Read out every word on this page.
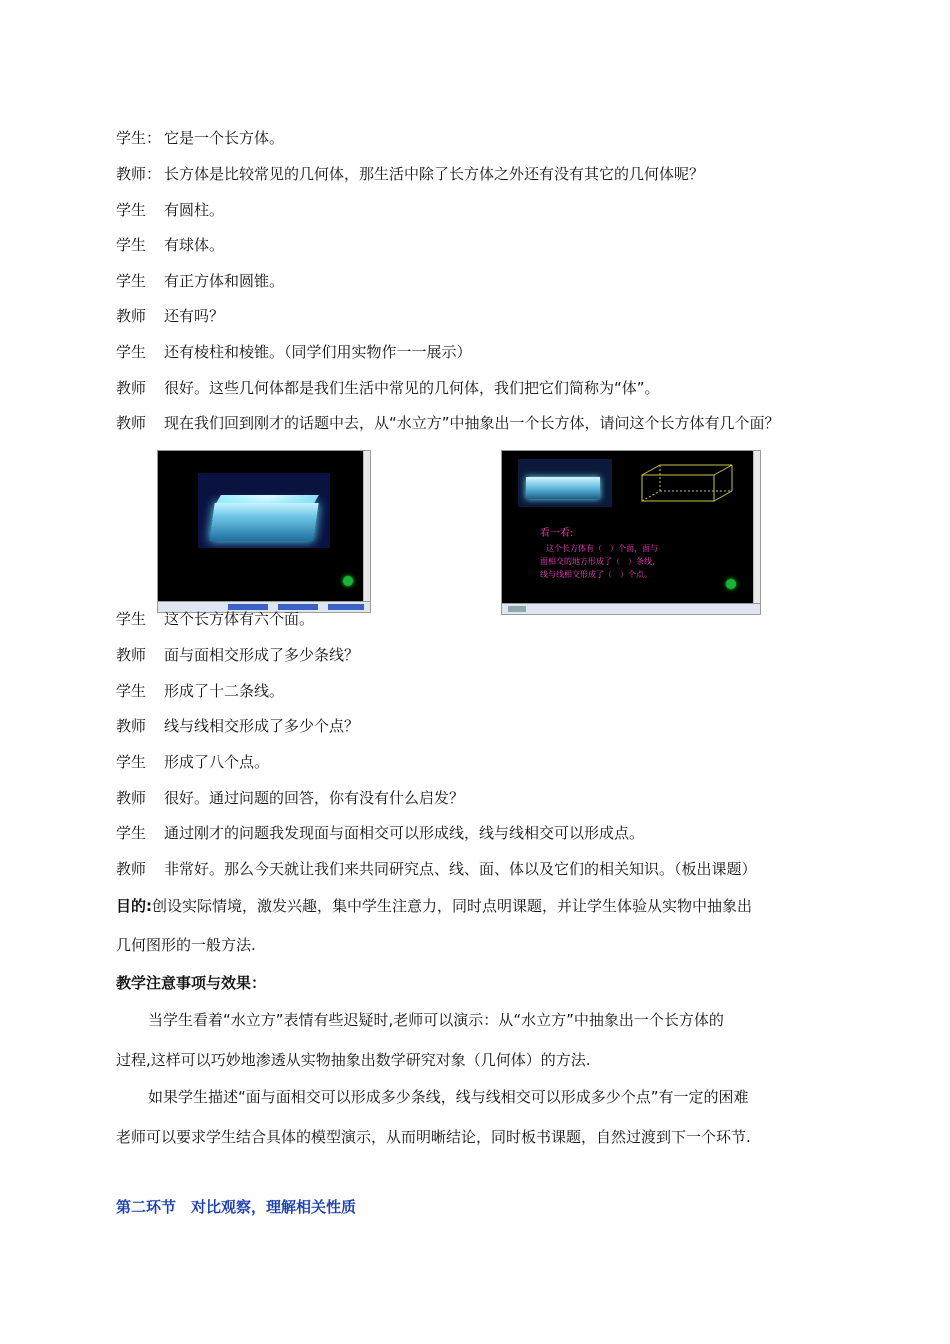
学生： 它是一个长方体。
教师： 长方体是比较常见的几何体，那生活中除了长方体之外还有没有其它的几何体呢？
学生 有圆柱。
学生 有球体。
学生 有正方体和圆锥。
教师 还有吗？
学生 还有棱柱和棱锥。（同学们用实物作一一展示）
教师 很好。这些几何体都是我们生活中常见的几何体，我们把它们简称为“体”。
教师 现在我们回到刚才的话题中去，从“水立方”中抽象出一个长方体，请问这个长方体有几个面？
看一看:
这个长方体有（　）个面，面与
面相交的地方形成了（　）条线，
线与线相交形成了（　）个点。
学生 这个长方体有六个面。
教师 面与面相交形成了多少条线？
学生 形成了十二条线。
教师 线与线相交形成了多少个点？
学生 形成了八个点。
教师 很好。通过问题的回答，你有没有什么启发？
学生 通过刚才的问题我发现面与面相交可以形成线，线与线相交可以形成点。
教师 非常好。那么今天就让我们来共同研究点、线、面、体以及它们的相关知识。（板出课题）
目的:创设实际情境，激发兴趣，集中学生注意力，同时点明课题，并让学生体验从实物中抽象出
几何图形的一般方法.
教学注意事项与效果：
当学生看着“水立方”表情有些迟疑时,老师可以演示：从“水立方”中抽象出一个长方体的
过程,这样可以巧妙地渗透从实物抽象出数学研究对象（几何体）的方法.
如果学生描述“面与面相交可以形成多少条线，线与线相交可以形成多少个点”有一定的困难
老师可以要求学生结合具体的模型演示，从而明晰结论，同时板书课题，自然过渡到下一个环节.
第二环节　对比观察，理解相关性质
